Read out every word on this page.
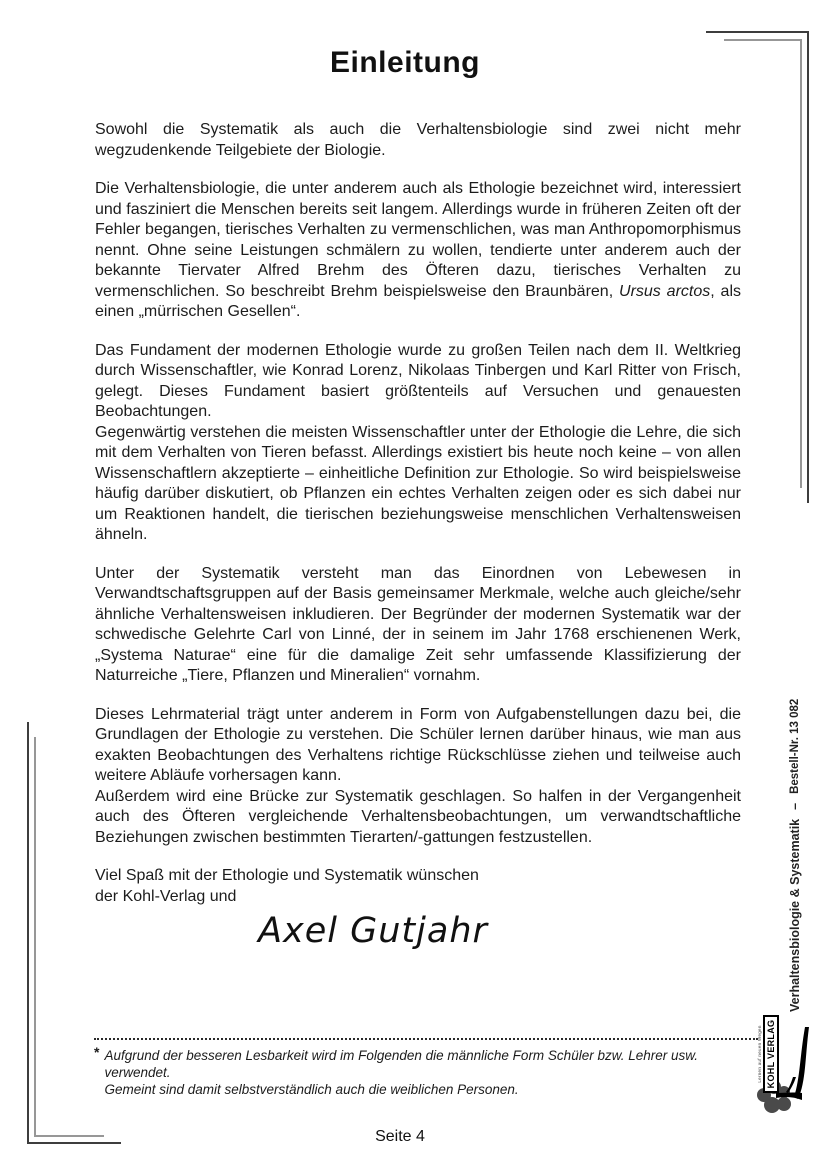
Einleitung

Sowohl die Systematik als auch die Verhaltensbiologie sind zwei nicht mehr wegzudenkende Teilgebiete der Biologie.

Die Verhaltensbiologie, die unter anderem auch als Ethologie bezeichnet wird, interessiert und fasziniert die Menschen bereits seit langem. Allerdings wurde in früheren Zeiten oft der Fehler begangen, tierisches Verhalten zu vermenschlichen, was man Anthropomorphismus nennt. Ohne seine Leistungen schmälern zu wollen, tendierte unter anderem auch der bekannte Tiervater Alfred Brehm des Öfteren dazu, tierisches Verhalten zu vermenschlichen. So beschreibt Brehm beispielsweise den Braunbären, Ursus arctos, als einen „mürrischen Gesellen“.

Das Fundament der modernen Ethologie wurde zu großen Teilen nach dem II. Weltkrieg durch Wissenschaftler, wie Konrad Lorenz, Nikolaas Tinbergen und Karl Ritter von Frisch, gelegt. Dieses Fundament basiert größtenteils auf Versuchen und genauesten Beobachtungen.

Gegenwärtig verstehen die meisten Wissenschaftler unter der Ethologie die Lehre, die sich mit dem Verhalten von Tieren befasst. Allerdings existiert bis heute noch keine – von allen Wissenschaftlern akzeptierte – einheitliche Definition zur Ethologie. So wird beispielsweise häufig darüber diskutiert, ob Pflanzen ein echtes Verhalten zeigen oder es sich dabei nur um Reaktionen handelt, die tierischen beziehungsweise menschlichen Verhaltensweisen ähneln.

Unter der Systematik versteht man das Einordnen von Lebewesen in Verwandtschaftsgruppen auf der Basis gemeinsamer Merkmale, welche auch gleiche/sehr ähnliche Verhaltensweisen inkludieren. Der Begründer der modernen Systematik war der schwedische Gelehrte Carl von Linné, der in seinem im Jahr 1768 erschienenen Werk, „Systema Naturae“ eine für die damalige Zeit sehr umfassende Klassifizierung der Naturreiche „Tiere, Pflanzen und Mineralien“ vornahm.

Dieses Lehrmaterial trägt unter anderem in Form von Aufgabenstellungen dazu bei, die Grundlagen der Ethologie zu verstehen. Die Schüler lernen darüber hinaus, wie man aus exakten Beobachtungen des Verhaltens richtige Rückschlüsse ziehen und teilweise auch weitere Abläufe vorhersagen kann.

Außerdem wird eine Brücke zur Systematik geschlagen. So halfen in der Vergangenheit auch des Öfteren vergleichende Verhaltensbeobachtungen, um verwandtschaftliche Beziehungen zwischen bestimmten Tierarten/-gattungen festzustellen.

Viel Spaß mit der Ethologie und Systematik wünschen
der Kohl-Verlag und
Axel Gutjahr
* Aufgrund der besseren Lesbarkeit wird im Folgenden die männliche Form Schüler bzw. Lehrer usw. verwendet.
Gemeint sind damit selbstverständlich auch die weiblichen Personen.
Seite 4
Verhaltensbiologie & Systematik
–
Bestell-Nr. 13 082
Lernen auf neuen Wegen KOHL VERLAG
